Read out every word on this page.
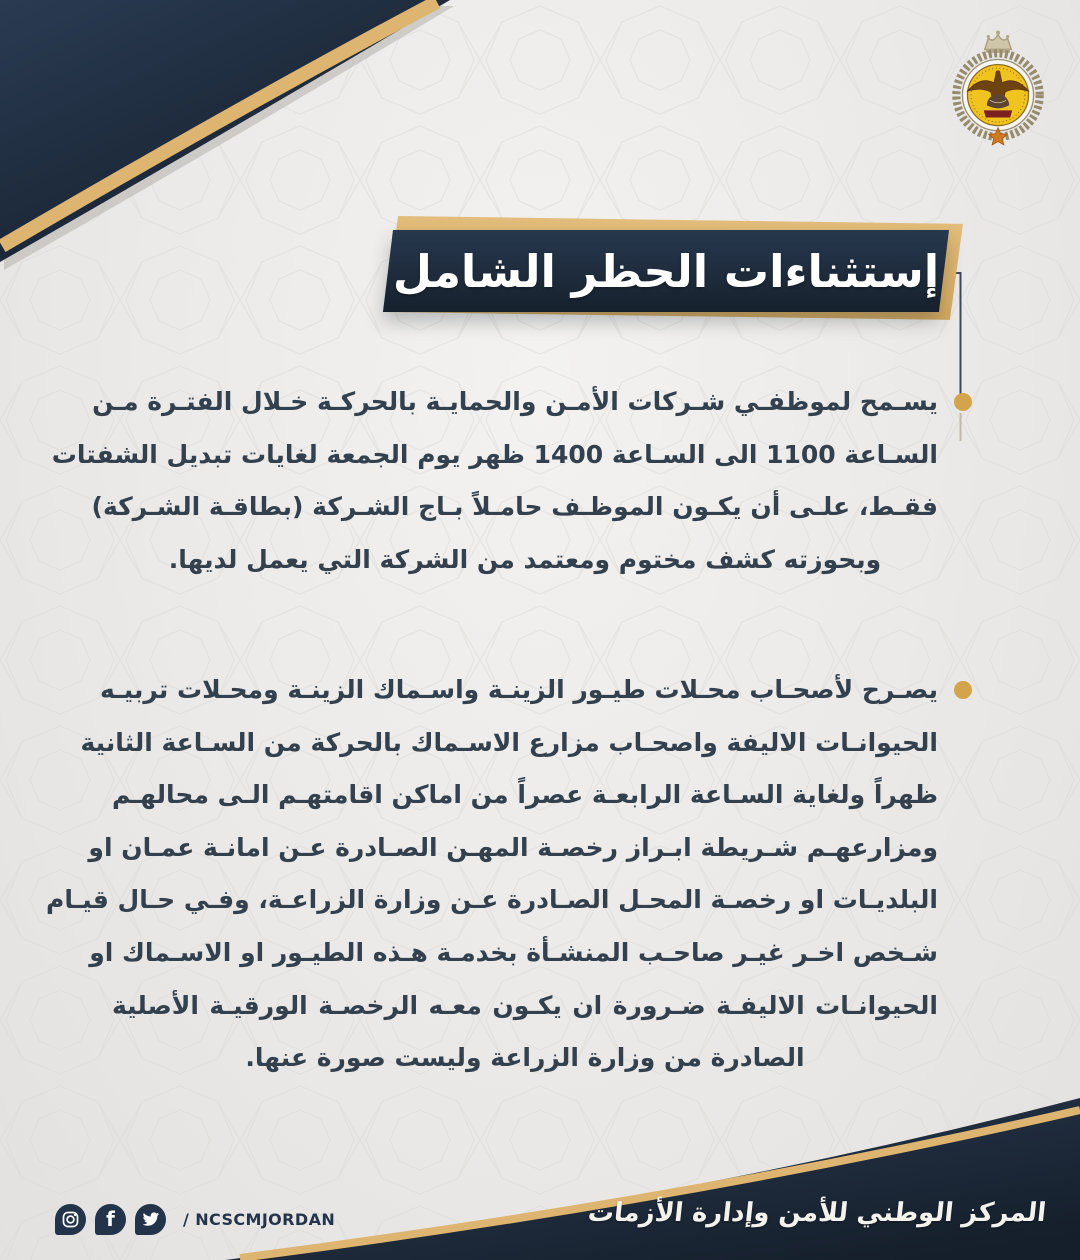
إستثناءات الحظر الشامل
يسـمح لموظفـي شـركات الأمـن والحمايـة بالحركـة خـلال الفتـرة مـن
السـاعة 1100 الى السـاعة 1400 ظهر يوم الجمعة لغايات تبديل الشفتات
فقـط، علـى أن يكـون الموظـف حامـلاً بـاج الشـركة (بطاقـة الشـركة)
وبحوزته كشف مختوم ومعتمد من الشركة التي يعمل لديها.
يصـرح لأصحـاب محـلات طيـور الزينـة واسـماك الزينـة ومحـلات تربيـه
الحيوانـات الاليفة واصحـاب مزارع الاسـماك بالحركة من السـاعة الثانية
ظهراً ولغاية السـاعة الرابعـة عصراً من اماكن اقامتهـم الـى محالهـم
ومزارعهـم شـريطة ابـراز رخصـة المهـن الصـادرة عـن امانـة عمـان او
البلديـات او رخصـة المحـل الصـادرة عـن وزارة الزراعـة، وفـي حـال قيـام
شـخص اخـر غيـر صاحـب المنشـأة بخدمـة هـذه الطيـور او الاسـماك او
الحيوانـات الاليفـة ضـرورة ان يكـون معـه الرخصـة الورقيـة الأصلية
الصادرة من وزارة الزراعة وليست صورة عنها.
f	/ NCSCMJORDAN	المركز الوطني للأمن وإدارة الأزمات
